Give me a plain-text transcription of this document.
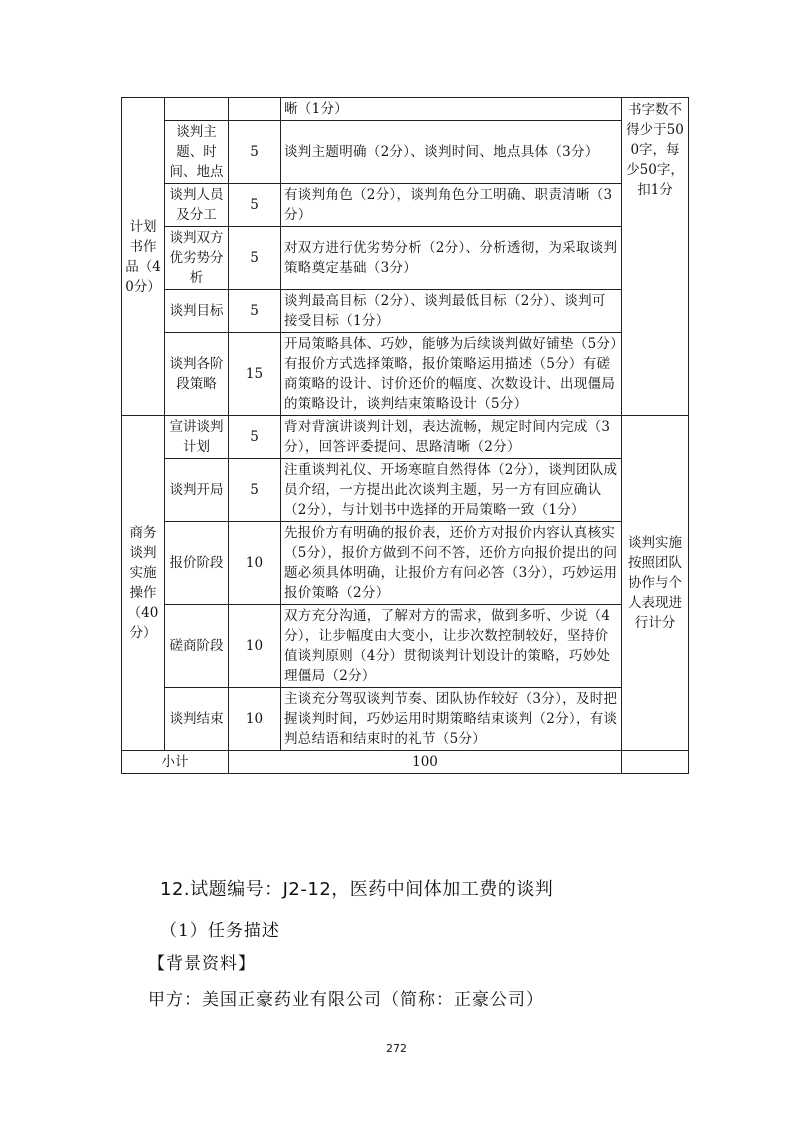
计划书作品（40分）			晰（1分）	书字数不得少于500字，每少50字，扣1分
	谈判主题、时间、地点	5	谈判主题明确（2分）、谈判时间、地点具体（3分）	
	谈判人员及分工	5	有谈判角色（2分），谈判角色分工明确、职责清晰（3分）	
	谈判双方优劣势分析	5	对双方进行优劣势分析（2分）、分析透彻，为采取谈判策略奠定基础（3分）	
	谈判目标	5	谈判最高目标（2分）、谈判最低目标（2分）、谈判可接受目标（1分）	
	谈判各阶段策略	15	开局策略具体、巧妙，能够为后续谈判做好铺垫（5分）有报价方式选择策略，报价策略运用描述（5分）有磋商策略的设计、讨价还价的幅度、次数设计、出现僵局的策略设计，谈判结束策略设计（5分）	
商务谈判实施操作（40分）	宣讲谈判计划	5	背对背演讲谈判计划，表达流畅，规定时间内完成（3分），回答评委提问、思路清晰（2分）	谈判实施按照团队协作与个人表现进行计分
	谈判开局	5	注重谈判礼仪、开场寒暄自然得体（2分），谈判团队成员介绍，一方提出此次谈判主题，另一方有回应确认（2分），与计划书中选择的开局策略一致（1分）	
	报价阶段	10	先报价方有明确的报价表，还价方对报价内容认真核实（5分），报价方做到不问不答，还价方向报价提出的问题必须具体明确，让报价方有问必答（3分），巧妙运用报价策略（2分）	
	磋商阶段	10	双方充分沟通，了解对方的需求，做到多听、少说（4分），让步幅度由大变小，让步次数控制较好，坚持价值谈判原则（4分）贯彻谈判计划设计的策略，巧妙处理僵局（2分）	
	谈判结束	10	主谈充分驾驭谈判节奏、团队协作较好（3分），及时把握谈判时间，巧妙运用时期策略结束谈判（2分），有谈判总结语和结束时的礼节（5分）	
小计		100		
12.试题编号：J2-12，医药中间体加工费的谈判
（1）任务描述
【背景资料】
甲方：美国正豪药业有限公司（简称：正豪公司）
272
